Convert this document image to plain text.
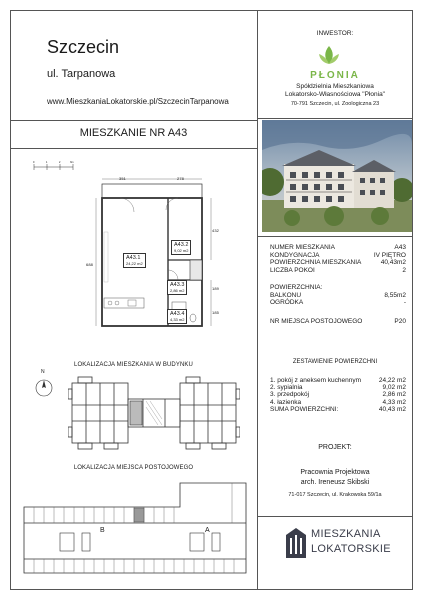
Szczecin
ul. Tarpanowa
www.MieszkaniaLokatorskie.pl/SzczecinTarpanowa
INWESTOR:
PŁONIA
Spółdzielnia Mieszkaniowa
Lokatorsko-Własnościowa "Płonia"
70-791 Szczecin, ul. Zoologiczna 23
MIESZKANIE NR A43
0	1	2	3m
351	278
688
432
189
185
A43.1
24,22 m2
A43.2
9,02 m2
A43.3
2,86 m2
A43.4
4,33 m2
LOKALIZACJA MIESZKANIA W BUDYNKU
N
LOKALIZACJA MIEJSCA POSTOJOWEGO
B	A
NUMER MIESZKANIA	A43
KONDYGNACJA	IV PIĘTRO
POWIERZCHNIA MIESZKANIA	40,43m2
LICZBA POKOI	2
POWIERZCHNIA:
BALKONU	8,55m2
OGRÓDKA	-
NR MIEJSCA POSTOJOWEGO	P20
ZESTAWIENIE POWIERZCHNI
1. pokój z aneksem kuchennym	24,22 m2
2. sypialnia	9,02 m2
3. przedpokój	2,86 m2
4. łazienka	4,33 m2
SUMA POWIERZCHNI:	40,43 m2
PROJEKT:
Pracownia Projektowa
arch. Ireneusz Skibski
71-017 Szczecin, ul. Krakowska 59/1a
MIESZKANIA
LOKATORSKIE
